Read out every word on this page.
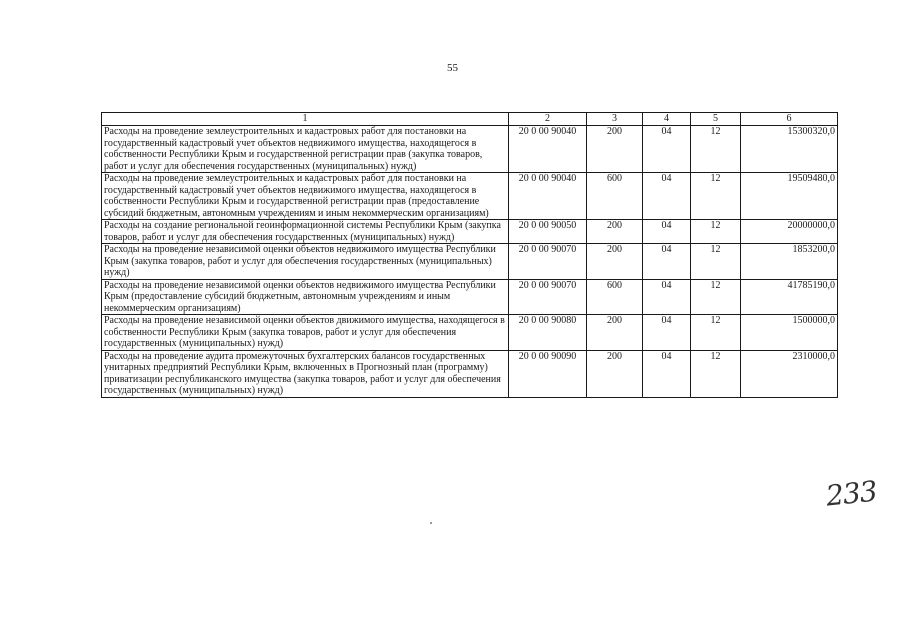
55
1	2	3	4	5	6
Расходы на проведение землеустроительных и кадастровых работ для постановки на государственный кадастровый учет объектов недвижимого имущества, находящегося в собственности Республики Крым и государственной регистрации прав (закупка товаров, работ и услуг для обеспечения государственных (муниципальных) нужд)	20 0 00 90040	200	04	12	15300320,0
Расходы на проведение землеустроительных и кадастровых работ для постановки на государственный кадастровый учет объектов недвижимого имущества, находящегося в собственности Республики Крым и государственной регистрации прав (предоставление субсидий бюджетным, автономным учреждениям и иным некоммерческим организациям)	20 0 00 90040	600	04	12	19509480,0
Расходы на создание региональной геоинформационной системы Республики Крым (закупка товаров, работ и услуг для обеспечения государственных (муниципальных) нужд)	20 0 00 90050	200	04	12	20000000,0
Расходы на проведение независимой оценки объектов недвижимого имущества Республики Крым (закупка товаров, работ и услуг для обеспечения государственных (муниципальных) нужд)	20 0 00 90070	200	04	12	1853200,0
Расходы на проведение независимой оценки объектов недвижимого имущества Республики Крым (предоставление субсидий бюджетным, автономным учреждениям и иным некоммерческим организациям)	20 0 00 90070	600	04	12	41785190,0
Расходы на проведение независимой оценки объектов движимого имущества, находящегося в собственности Республики Крым (закупка товаров, работ и услуг для обеспечения государственных (муниципальных) нужд)	20 0 00 90080	200	04	12	1500000,0
Расходы на проведение аудита промежуточных бухгалтерских балансов государственных унитарных предприятий Республики Крым, включенных в Прогнозный план (программу) приватизации республиканского имущества (закупка товаров, работ и услуг для обеспечения государственных (муниципальных) нужд)	20 0 00 90090	200	04	12	2310000,0
233
